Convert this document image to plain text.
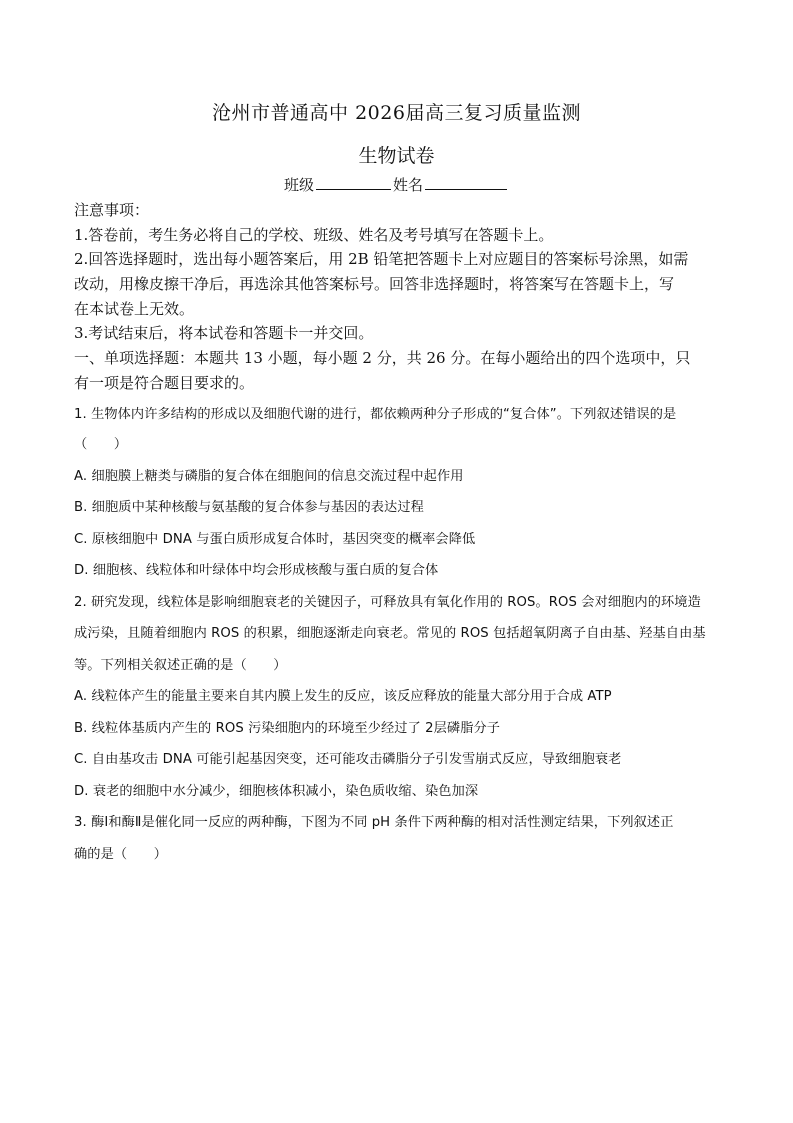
沧州市普通高中 2026届高三复习质量监测
生物试卷
班级	姓名
注意事项：
1.答卷前，考生务必将自己的学校、班级、姓名及考号填写在答题卡上。
2.回答选择题时，选出每小题答案后，用 2B 铅笔把答题卡上对应题目的答案标号涂黑，如需
改动，用橡皮擦干净后，再选涂其他答案标号。回答非选择题时，将答案写在答题卡上，写
在本试卷上无效。
3.考试结束后，将本试卷和答题卡一并交回。
一、单项选择题：本题共 13 小题，每小题 2 分，共 26 分。在每小题给出的四个选项中，只
有一项是符合题目要求的。
1. 生物体内许多结构的形成以及细胞代谢的进行，都依赖两种分子形成的“复合体”。下列叙述错误的是
（　　）
A. 细胞膜上糖类与磷脂的复合体在细胞间的信息交流过程中起作用
B. 细胞质中某种核酸与氨基酸的复合体参与基因的表达过程
C. 原核细胞中 DNA 与蛋白质形成复合体时，基因突变的概率会降低
D. 细胞核、线粒体和叶绿体中均会形成核酸与蛋白质的复合体
2. 研究发现，线粒体是影响细胞衰老的关键因子，可释放具有氧化作用的 ROS。ROS 会对细胞内的环境造
成污染，且随着细胞内 ROS 的积累，细胞逐渐走向衰老。常见的 ROS 包括超氧阴离子自由基、羟基自由基
等。下列相关叙述正确的是（　　）
A. 线粒体产生的能量主要来自其内膜上发生的反应，该反应释放的能量大部分用于合成 ATP
B. 线粒体基质内产生的 ROS 污染细胞内的环境至少经过了 2层磷脂分子
C. 自由基攻击 DNA 可能引起基因突变，还可能攻击磷脂分子引发雪崩式反应，导致细胞衰老
D. 衰老的细胞中水分减少，细胞核体积减小，染色质收缩、染色加深
3. 酶Ⅰ和酶Ⅱ是催化同一反应的两种酶，下图为不同 pH 条件下两种酶的相对活性测定结果，下列叙述正
确的是（　　）
